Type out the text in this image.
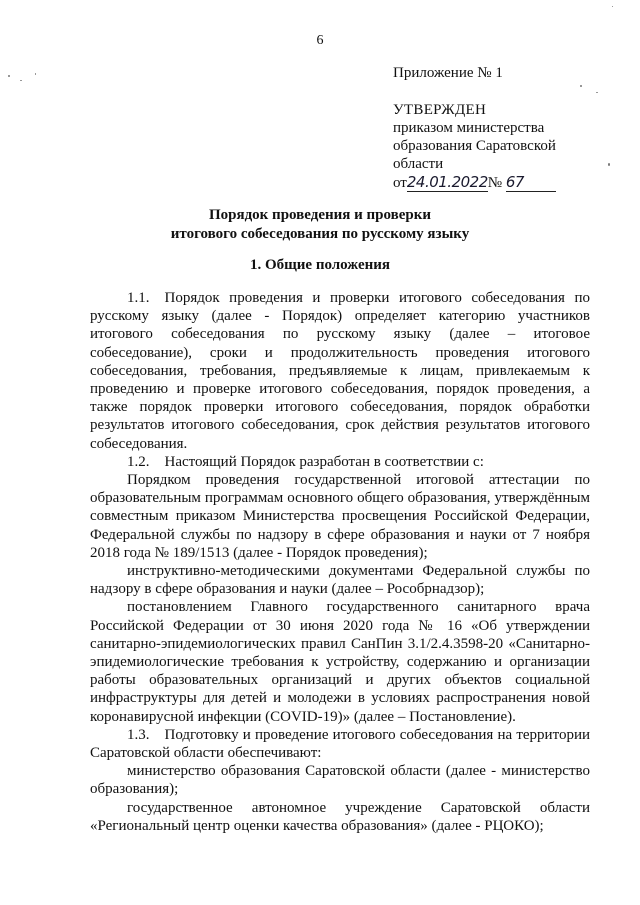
6
Приложение № 1
УТВЕРЖДЕН
приказом министерства
образования Саратовской
области
от24.01.2022№ 67
Порядок проведения и проверки
итогового собеседования по русскому языку
1. Общие положения

1.1. Порядок проведения и проверки итогового собеседования по русскому языку (далее - Порядок) определяет категорию участников итогового собеседования по русскому языку (далее – итоговое собеседование), сроки и продолжительность проведения итогового собеседования, требования, предъявляемые к лицам, привлекаемым к проведению и проверке итогового собеседования, порядок проведения, а также порядок проверки итогового собеседования, порядок обработки результатов итогового собеседования, срок действия результатов итогового собеседования.

1.2. Настоящий Порядок разработан в соответствии с:

Порядком проведения государственной итоговой аттестации по образовательным программам основного общего образования, утверждённым совместным приказом Министерства просвещения Российской Федерации, Федеральной службы по надзору в сфере образования и науки от 7 ноября 2018 года № 189/1513 (далее - Порядок проведения);

инструктивно-методическими документами Федеральной службы по надзору в сфере образования и науки (далее – Рособрнадзор);

постановлением Главного государственного санитарного врача Российской Федерации от 30 июня 2020 года № 16 «Об утверждении санитарно-эпидемиологических правил СанПин 3.1/2.4.3598-20 «Санитарно-эпидемиологические требования к устройству, содержанию и организации работы образовательных организаций и других объектов социальной инфраструктуры для детей и молодежи в условиях распространения новой коронавирусной инфекции (COVID-19)» (далее – Постановление).

1.3. Подготовку и проведение итогового собеседования на территории Саратовской области обеспечивают:

министерство образования Саратовской области (далее - министерство образования);

государственное автономное учреждение Саратовской области «Региональный центр оценки качества образования» (далее - РЦОКО);
